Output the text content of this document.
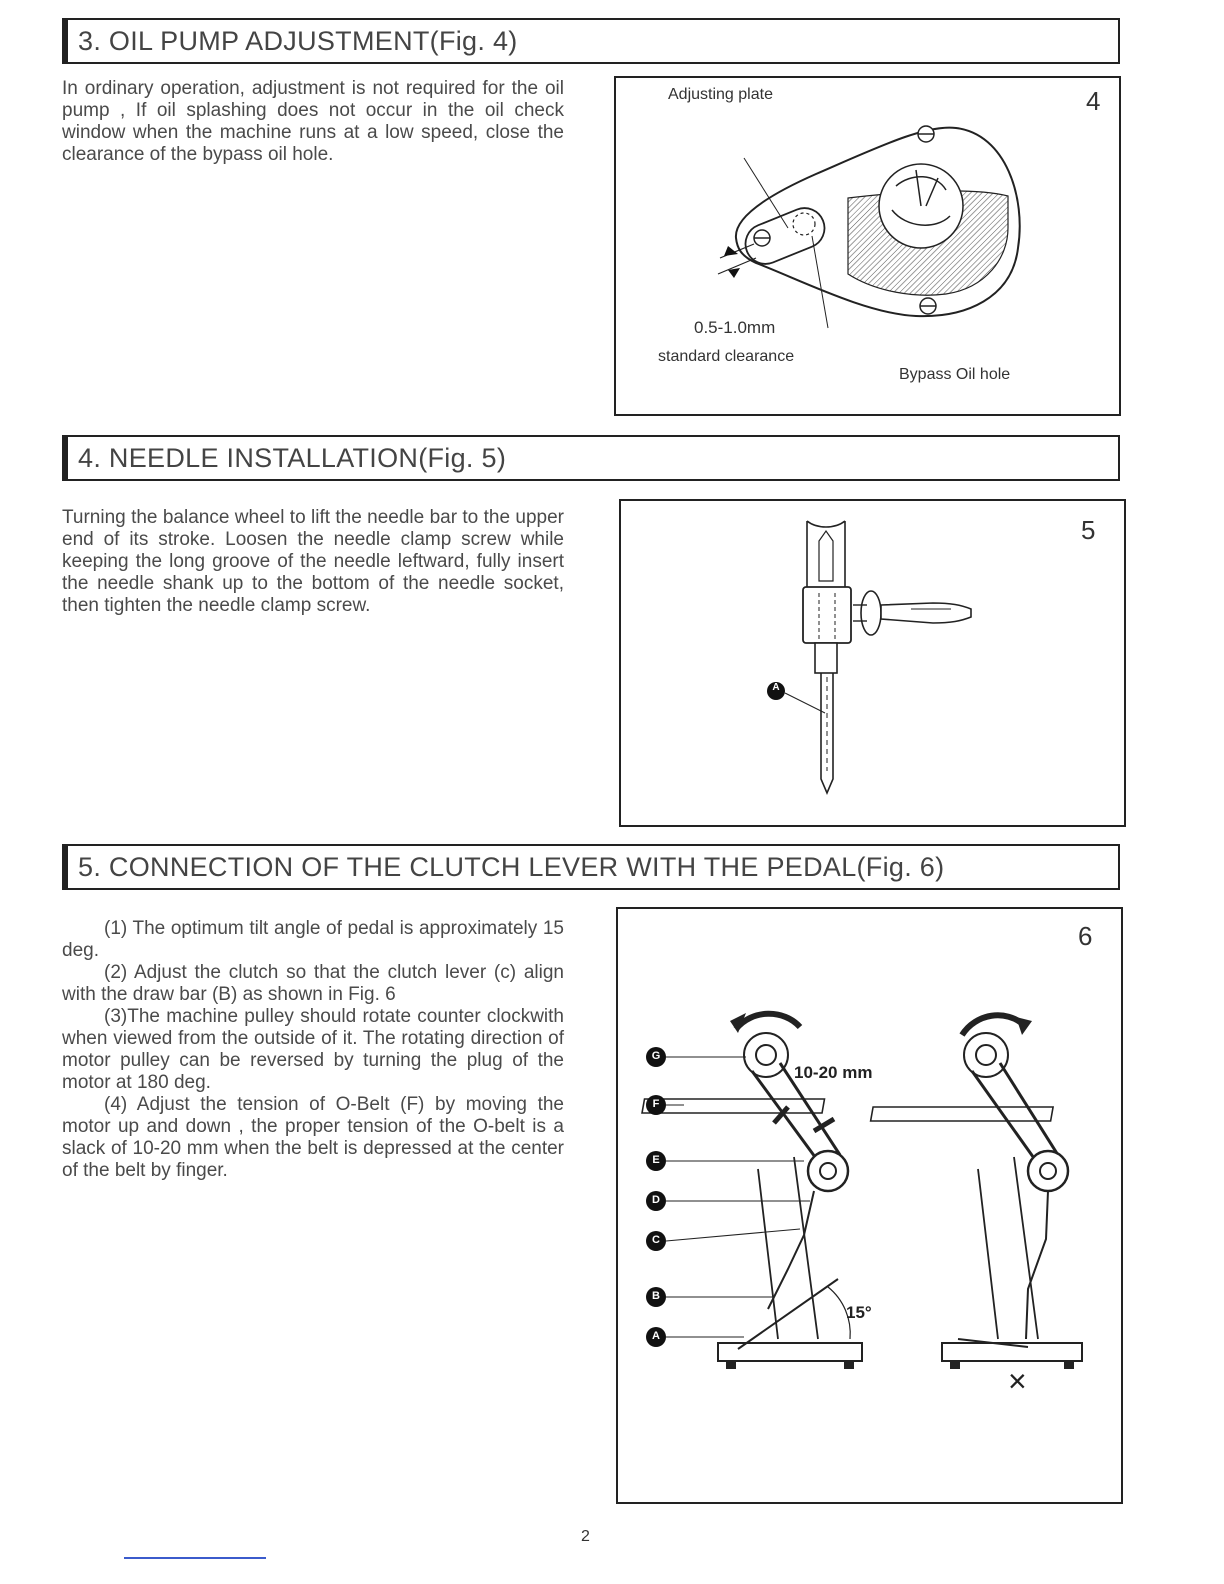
3. OIL PUMP ADJUSTMENT(Fig. 4)

In ordinary operation, adjustment is not required for the oil pump , If oil splashing does not occur in the oil check window when the machine runs at a low speed, close the clearance of the bypass oil hole.

4
Adjusting plate
0.5-1.0mm
standard clearance
Bypass Oil hole
4. NEEDLE INSTALLATION(Fig. 5)

Turning the balance wheel to lift the needle bar to the upper end of its stroke. Loosen the needle clamp screw while keeping the long groove of the needle leftward, fully insert the needle shank up to the bottom of the needle socket, then tighten the needle clamp screw.

5
A
5. CONNECTION OF THE CLUTCH LEVER WITH THE PEDAL(Fig. 6)

(1) The optimum tilt angle of pedal is approximately 15 deg.

(2) Adjust the clutch so that the clutch lever (c) align with the draw bar (B) as shown in Fig. 6

(3)The machine pulley should rotate counter clockwith when viewed from the outside of it. The rotating direction of motor pulley can be reversed by turning the plug of the motor at 180 deg.

(4) Adjust the tension of O-Belt (F) by moving the motor up and down , the proper tension of the O-belt is a slack of 10-20 mm when the belt is depressed at the center of the belt by finger.

6
10-20 mm
15°
×
G
F
E
D
C
B
A
2
